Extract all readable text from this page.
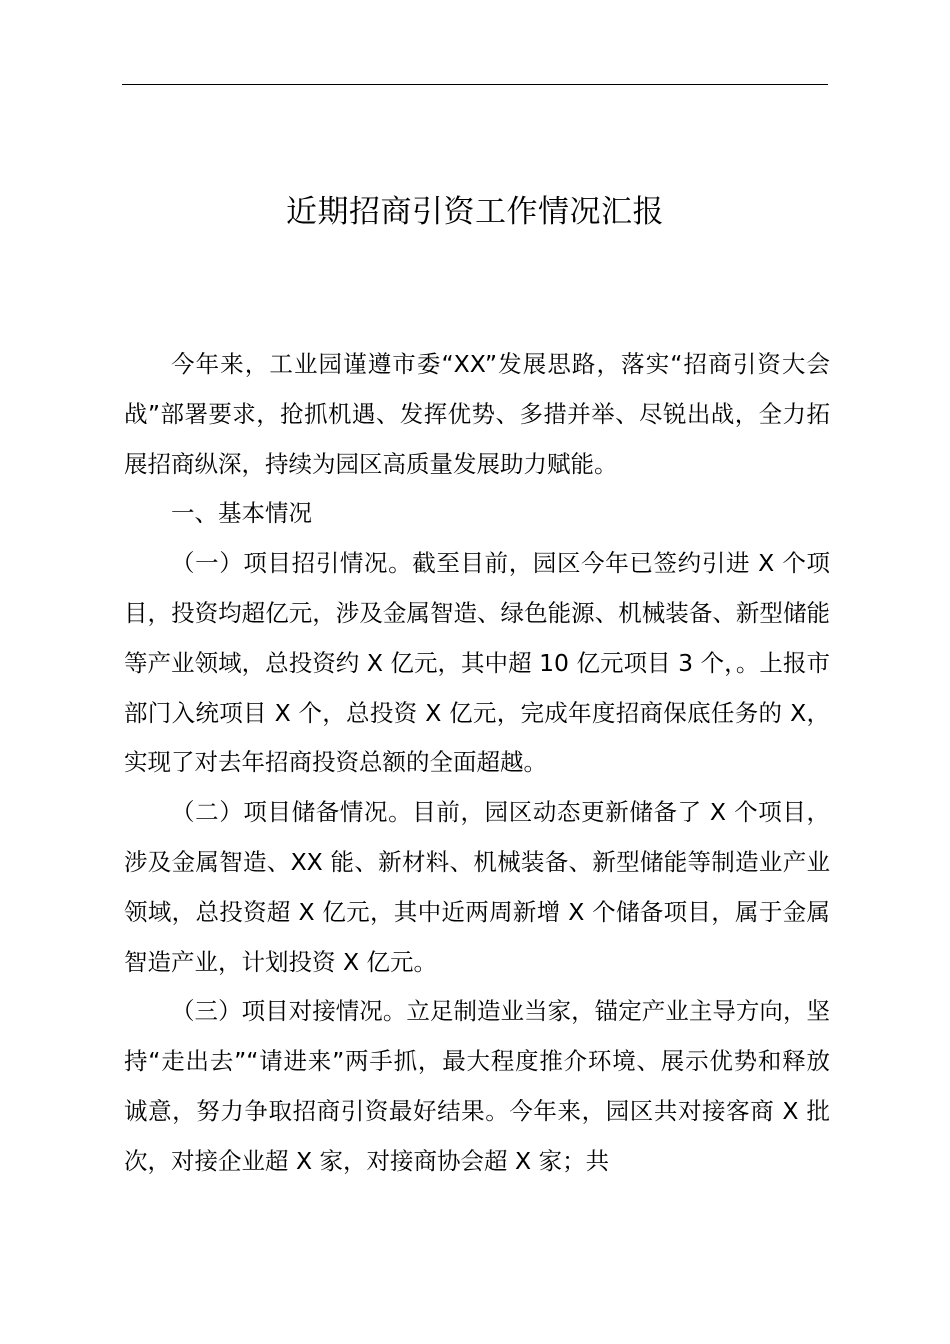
近期招商引资工作情况汇报

今年来，工业园谨遵市委“XX”发展思路，落实“招商引资大会战”部署要求，抢抓机遇、发挥优势、多措并举、尽锐出战，全力拓展招商纵深，持续为园区高质量发展助力赋能。

一、基本情况

（一）项目招引情况。截至目前，园区今年已签约引进 X 个项目，投资均超亿元，涉及金属智造、绿色能源、机械装备、新型储能等产业领域，总投资约 X 亿元，其中超 10 亿元项目 3 个，。上报市部门入统项目 X 个，总投资 X 亿元，完成年度招商保底任务的 X，实现了对去年招商投资总额的全面超越。

（二）项目储备情况。目前，园区动态更新储备了 X 个项目，涉及金属智造、XX 能、新材料、机械装备、新型储能等制造业产业领域，总投资超 X 亿元，其中近两周新增 X 个储备项目，属于金属智造产业，计划投资 X 亿元。

（三）项目对接情况。立足制造业当家，锚定产业主导方向，坚持“走出去”“请进来”两手抓，最大程度推介环境、展示优势和释放诚意，努力争取招商引资最好结果。今年来，园区共对接客商 X 批次，对接企业超 X 家，对接商协会超 X 家；共
